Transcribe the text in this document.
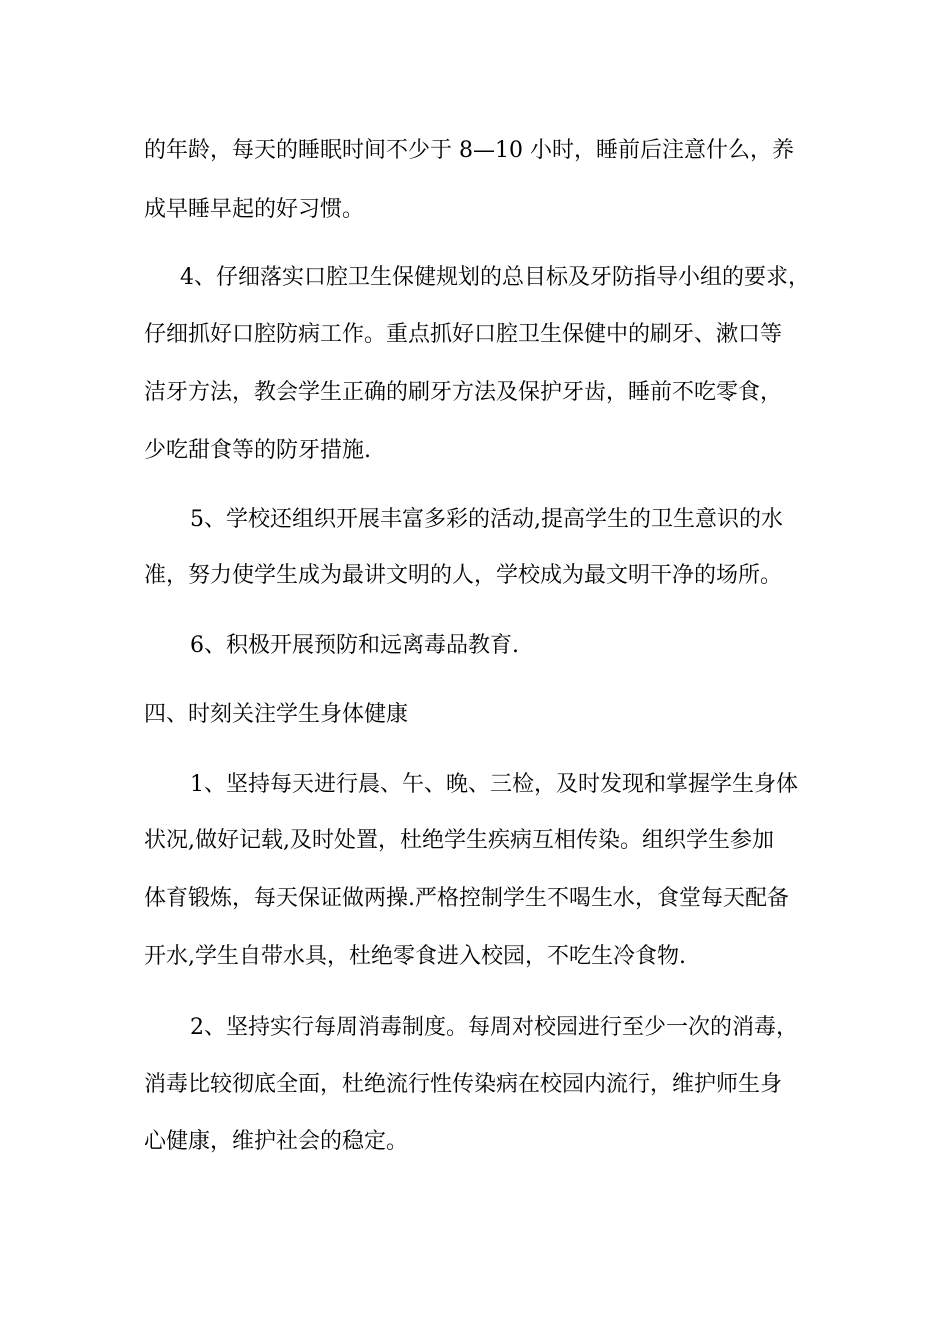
的年龄，每天的睡眠时间不少于 8—10 小时，睡前后注意什么，养
成早睡早起的好习惯。
4、仔细落实口腔卫生保健规划的总目标及牙防指导小组的要求，
仔细抓好口腔防病工作。重点抓好口腔卫生保健中的刷牙、漱口等
洁牙方法，教会学生正确的刷牙方法及保护牙齿，睡前不吃零食，
少吃甜食等的防牙措施.
5、学校还组织开展丰富多彩的活动,提高学生的卫生意识的水
准，努力使学生成为最讲文明的人，学校成为最文明干净的场所。
6、积极开展预防和远离毒品教育.
四、时刻关注学生身体健康
1、坚持每天进行晨、午、晚、三检，及时发现和掌握学生身体
状况,做好记载,及时处置，杜绝学生疾病互相传染。组织学生参加
体育锻炼，每天保证做两操.严格控制学生不喝生水，食堂每天配备
开水,学生自带水具，杜绝零食进入校园，不吃生冷食物.
2、坚持实行每周消毒制度。每周对校园进行至少一次的消毒，
消毒比较彻底全面，杜绝流行性传染病在校园内流行，维护师生身
心健康，维护社会的稳定。
